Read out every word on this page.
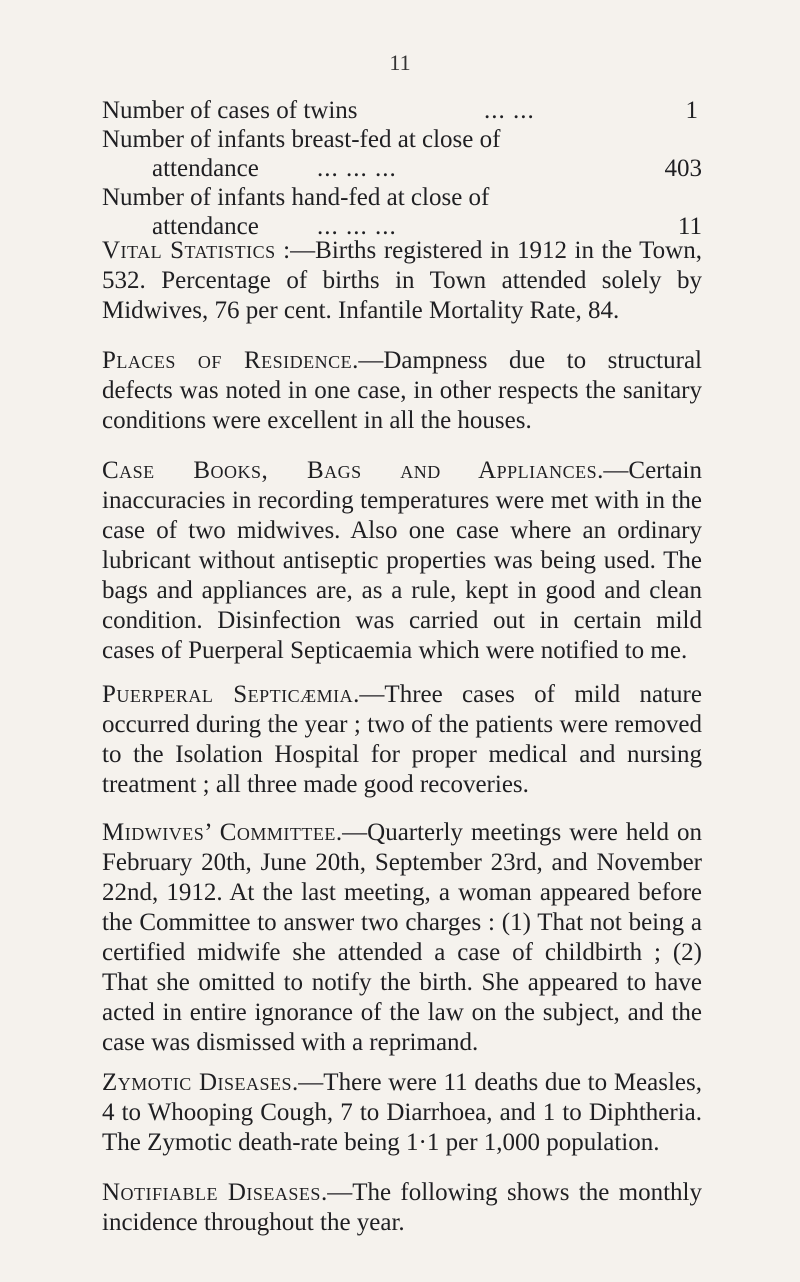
11
Number of cases of twins	... ...	1
Number of infants breast-fed at close of
attendance ... ... ...	403
Number of infants hand-fed at close of
attendance ... ... ...	11

Vital Statistics :—Births registered in 1912 in the Town, 532. Percentage of births in Town attended solely by Midwives, 76 per cent. Infantile Mortality Rate, 84.

Places of Residence.—Dampness due to structural defects was noted in one case, in other respects the sanitary conditions were excellent in all the houses.

Case Books, Bags and Appliances.—Certain inaccuracies in recording temperatures were met with in the case of two midwives. Also one case where an ordinary lubricant without antiseptic properties was being used. The bags and appliances are, as a rule, kept in good and clean condition. Disinfection was carried out in certain mild cases of Puerperal Septicaemia which were notified to me.

Puerperal Septicæmia.—Three cases of mild nature occurred during the year ; two of the patients were removed to the Isolation Hospital for proper medical and nursing treatment ; all three made good recoveries.

Midwives’ Committee.—Quarterly meetings were held on February 20th, June 20th, September 23rd, and November 22nd, 1912. At the last meeting, a woman appeared before the Committee to answer two charges : (1) That not being a certified midwife she attended a case of childbirth ; (2) That she omitted to notify the birth. She appeared to have acted in entire ignorance of the law on the subject, and the case was dismissed with a reprimand.

Zymotic Diseases.—There were 11 deaths due to Measles, 4 to Whooping Cough, 7 to Diarrhoea, and 1 to Diphtheria. The Zymotic death-rate being 1·1 per 1,000 population.

Notifiable Diseases.—The following shows the monthly incidence throughout the year.
